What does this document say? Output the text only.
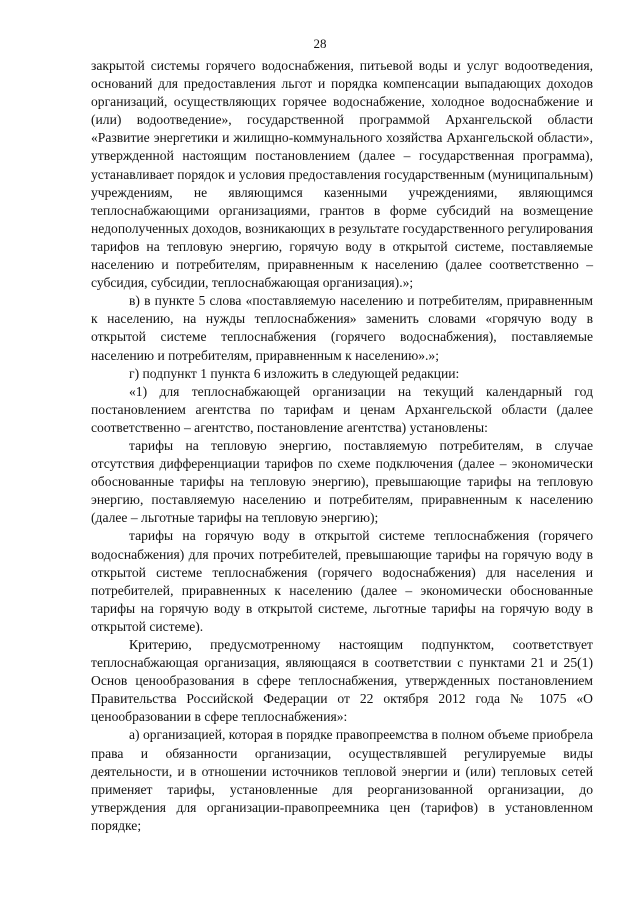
28

закрытой системы горячего водоснабжения, питьевой воды и услуг водоотведения, оснований для предоставления льгот и порядка компенсации выпадающих доходов организаций, осуществляющих горячее водоснабжение, холодное водоснабжение и (или) водоотведение», государственной программой Архангельской области «Развитие энергетики и жилищно-коммунального хозяйства Архангельской области», утвержденной настоящим постановлением (далее – государственная программа), устанавливает порядок и условия предоставления государственным (муниципальным) учреждениям, не являющимся казенными учреждениями, являющимся теплоснабжающими организациями, грантов в форме субсидий на возмещение недополученных доходов, возникающих в результате государственного регулирования тарифов на тепловую энергию, горячую воду в открытой системе, поставляемые населению и потребителям, приравненным к населению (далее соответственно – субсидия, субсидии, теплоснабжающая организация).»;

в) в пункте 5 слова «поставляемую населению и потребителям, приравненным к населению, на нужды теплоснабжения» заменить словами «горячую воду в открытой системе теплоснабжения (горячего водоснабжения), поставляемые населению и потребителям, приравненным к населению».»;

г) подпункт 1 пункта 6 изложить в следующей редакции:

«1) для теплоснабжающей организации на текущий календарный год постановлением агентства по тарифам и ценам Архангельской области (далее соответственно – агентство, постановление агентства) установлены:

тарифы на тепловую энергию, поставляемую потребителям, в случае отсутствия дифференциации тарифов по схеме подключения (далее – экономически обоснованные тарифы на тепловую энергию), превышающие тарифы на тепловую энергию, поставляемую населению и потребителям, приравненным к населению (далее – льготные тарифы на тепловую энергию);

тарифы на горячую воду в открытой системе теплоснабжения (горячего водоснабжения) для прочих потребителей, превышающие тарифы на горячую воду в открытой системе теплоснабжения (горячего водоснабжения) для населения и потребителей, приравненных к населению (далее – экономически обоснованные тарифы на горячую воду в открытой системе, льготные тарифы на горячую воду в открытой системе).

Критерию, предусмотренному настоящим подпунктом, соответствует теплоснабжающая организация, являющаяся в соответствии с пунктами 21 и 25(1) Основ ценообразования в сфере теплоснабжения, утвержденных постановлением Правительства Российской Федерации от 22 октября 2012 года № 1075 «О ценообразовании в сфере теплоснабжения»:

а) организацией, которая в порядке правопреемства в полном объеме приобрела права и обязанности организации, осуществлявшей регулируемые виды деятельности, и в отношении источников тепловой энергии и (или) тепловых сетей применяет тарифы, установленные для реорганизованной организации, до утверждения для организации-правопреемника цен (тарифов) в установленном порядке;
